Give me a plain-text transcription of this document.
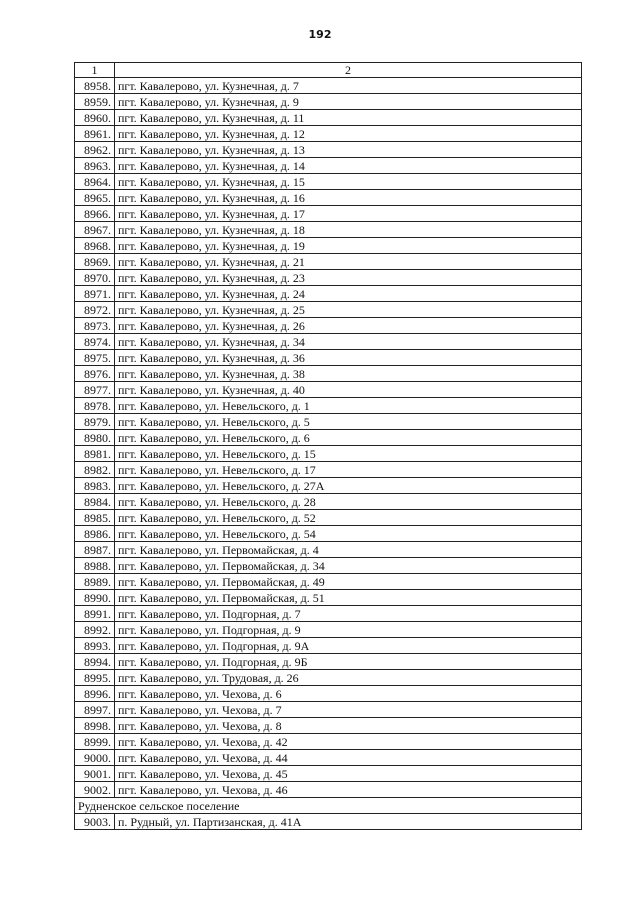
192
1	2
8958.	пгт. Кавалерово, ул. Кузнечная, д. 7
8959.	пгт. Кавалерово, ул. Кузнечная, д. 9
8960.	пгт. Кавалерово, ул. Кузнечная, д. 11
8961.	пгт. Кавалерово, ул. Кузнечная, д. 12
8962.	пгт. Кавалерово, ул. Кузнечная, д. 13
8963.	пгт. Кавалерово, ул. Кузнечная, д. 14
8964.	пгт. Кавалерово, ул. Кузнечная, д. 15
8965.	пгт. Кавалерово, ул. Кузнечная, д. 16
8966.	пгт. Кавалерово, ул. Кузнечная, д. 17
8967.	пгт. Кавалерово, ул. Кузнечная, д. 18
8968.	пгт. Кавалерово, ул. Кузнечная, д. 19
8969.	пгт. Кавалерово, ул. Кузнечная, д. 21
8970.	пгт. Кавалерово, ул. Кузнечная, д. 23
8971.	пгт. Кавалерово, ул. Кузнечная, д. 24
8972.	пгт. Кавалерово, ул. Кузнечная, д. 25
8973.	пгт. Кавалерово, ул. Кузнечная, д. 26
8974.	пгт. Кавалерово, ул. Кузнечная, д. 34
8975.	пгт. Кавалерово, ул. Кузнечная, д. 36
8976.	пгт. Кавалерово, ул. Кузнечная, д. 38
8977.	пгт. Кавалерово, ул. Кузнечная, д. 40
8978.	пгт. Кавалерово, ул. Невельского, д. 1
8979.	пгт. Кавалерово, ул. Невельского, д. 5
8980.	пгт. Кавалерово, ул. Невельского, д. 6
8981.	пгт. Кавалерово, ул. Невельского, д. 15
8982.	пгт. Кавалерово, ул. Невельского, д. 17
8983.	пгт. Кавалерово, ул. Невельского, д. 27А
8984.	пгт. Кавалерово, ул. Невельского, д. 28
8985.	пгт. Кавалерово, ул. Невельского, д. 52
8986.	пгт. Кавалерово, ул. Невельского, д. 54
8987.	пгт. Кавалерово, ул. Первомайская, д. 4
8988.	пгт. Кавалерово, ул. Первомайская, д. 34
8989.	пгт. Кавалерово, ул. Первомайская, д. 49
8990.	пгт. Кавалерово, ул. Первомайская, д. 51
8991.	пгт. Кавалерово, ул. Подгорная, д. 7
8992.	пгт. Кавалерово, ул. Подгорная, д. 9
8993.	пгт. Кавалерово, ул. Подгорная, д. 9А
8994.	пгт. Кавалерово, ул. Подгорная, д. 9Б
8995.	пгт. Кавалерово, ул. Трудовая, д. 26
8996.	пгт. Кавалерово, ул. Чехова, д. 6
8997.	пгт. Кавалерово, ул. Чехова, д. 7
8998.	пгт. Кавалерово, ул. Чехова, д. 8
8999.	пгт. Кавалерово, ул. Чехова, д. 42
9000.	пгт. Кавалерово, ул. Чехова, д. 44
9001.	пгт. Кавалерово, ул. Чехова, д. 45
9002.	пгт. Кавалерово, ул. Чехова, д. 46
Рудненское сельское поселение	
9003.	п. Рудный, ул. Партизанская, д. 41А
